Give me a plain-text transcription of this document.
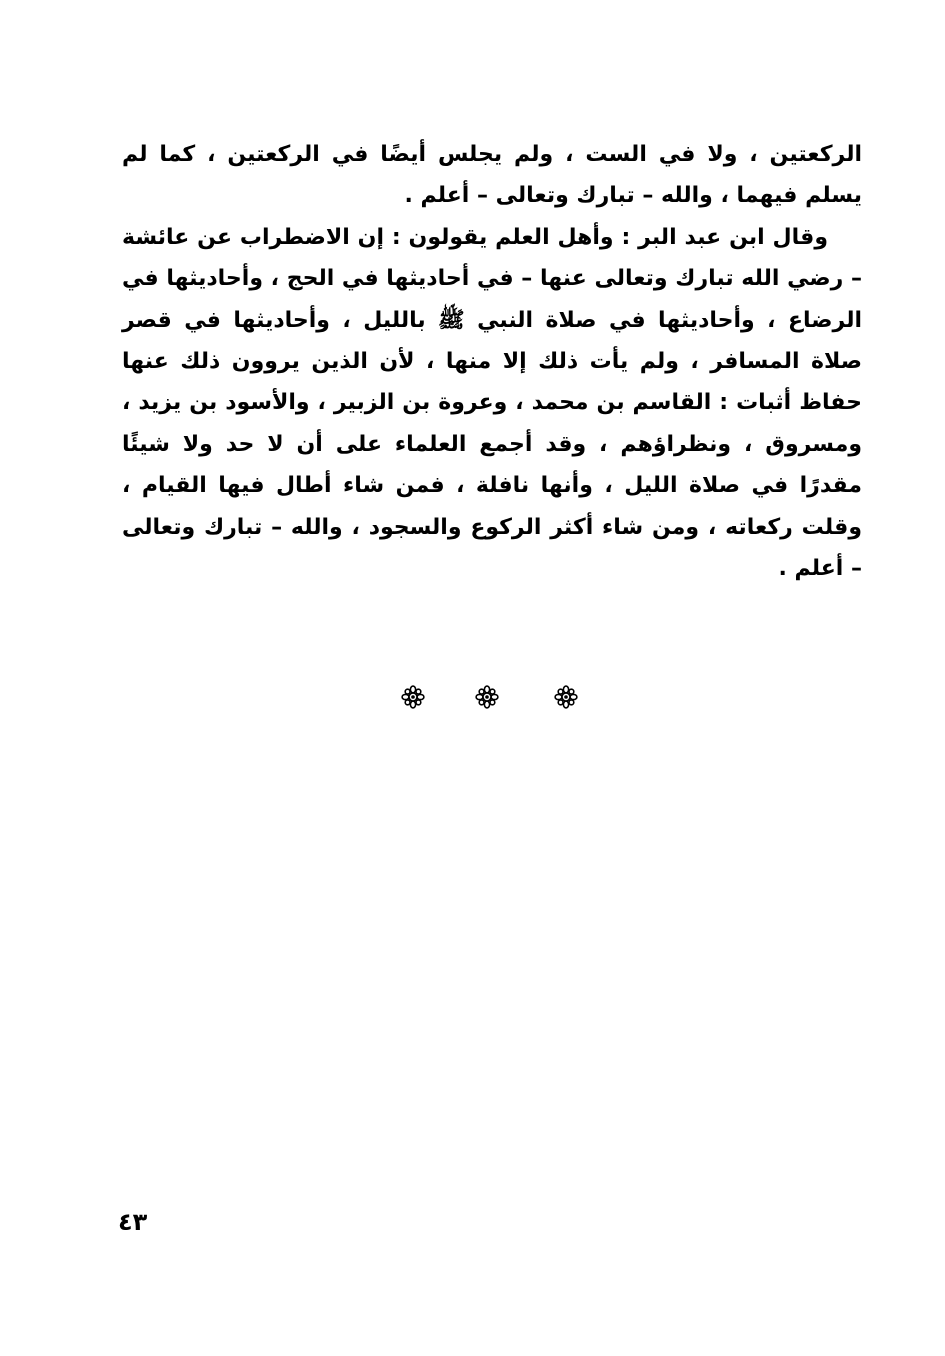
الركعتين ، ولا في الست ، ولم يجلس أيضًا في الركعتين ، كما لم يسلم فيهما ، والله – تبارك وتعالى – أعلم .

وقال ابن عبد البر : وأهل العلم يقولون : إن الاضطراب عن عائشة – رضي الله تبارك وتعالى عنها – في أحاديثها في الحج ، وأحاديثها في الرضاع ، وأحاديثها في صلاة النبي ﷺ بالليل ، وأحاديثها في قصر صلاة المسافر ، ولم يأت ذلك إلا منها ، لأن الذين يروون ذلك عنها حفاظ أثبات : القاسم بن محمد ، وعروة بن الزبير ، والأسود بن يزيد ، ومسروق ، ونظراؤهم ، وقد أجمع العلماء على أن لا حد ولا شيئًا مقدرًا في صلاة الليل ، وأنها نافلة ، فمن شاء أطال فيها القيام ، وقلت ركعاته ، ومن شاء أكثر الركوع والسجود ، والله – تبارك وتعالى – أعلم .

٤٣
